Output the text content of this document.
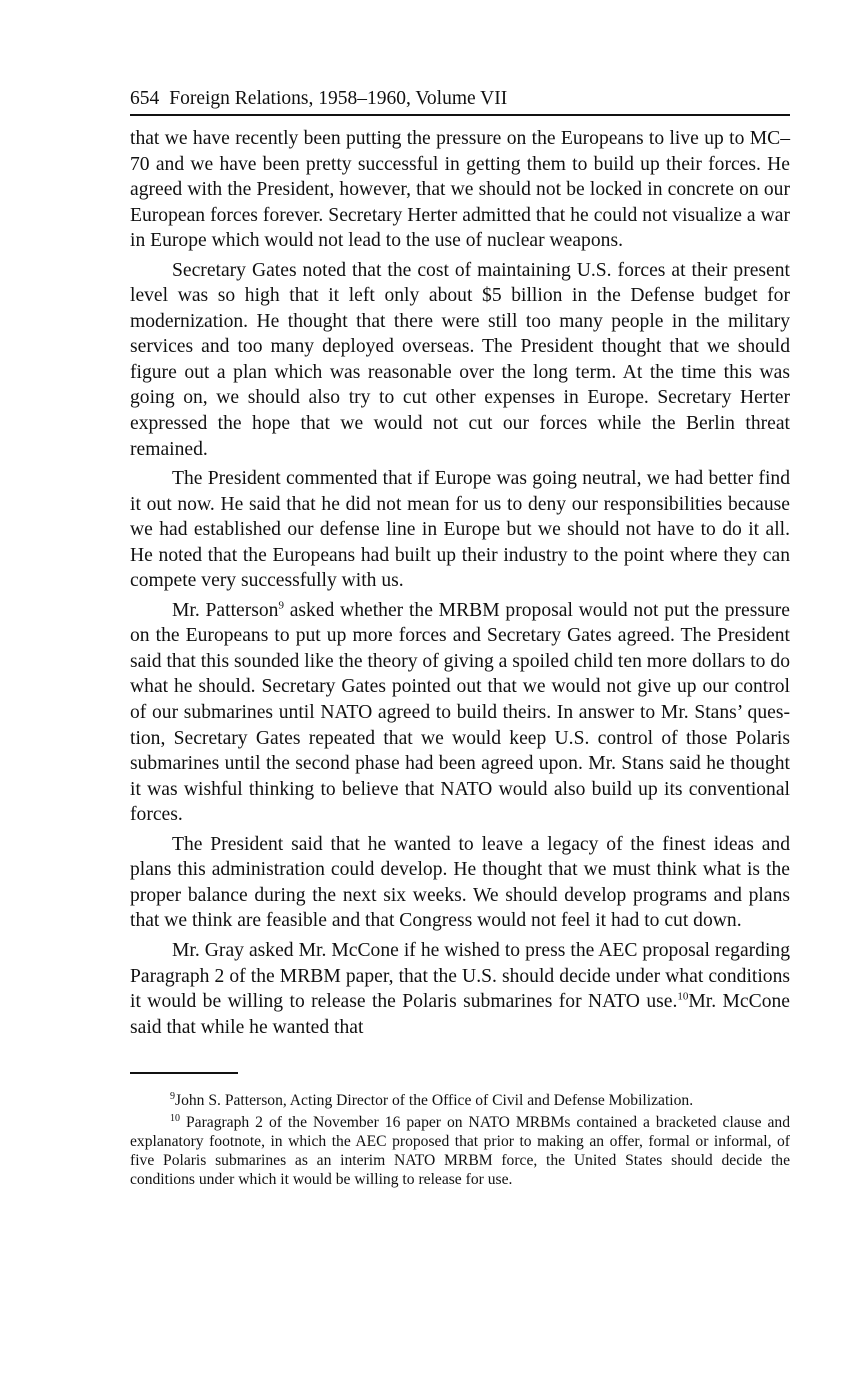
654 Foreign Relations, 1958–1960, Volume VII

that we have recently been putting the pressure on the Europeans to live up to MC–70 and we have been pretty successful in getting them to build up their forces. He agreed with the President, however, that we should not be locked in concrete on our European forces forever. Secretary Herter admitted that he could not visualize a war in Europe which would not lead to the use of nuclear weapons.

Secretary Gates noted that the cost of maintaining U.S. forces at their present level was so high that it left only about $5 billion in the Defense budget for modernization. He thought that there were still too many people in the military services and too many deployed overseas. The President thought that we should figure out a plan which was reasonable over the long term. At the time this was going on, we should also try to cut other expenses in Europe. Secretary Herter expressed the hope that we would not cut our forces while the Berlin threat remained.

The President commented that if Europe was going neutral, we had better find it out now. He said that he did not mean for us to deny our responsibilities because we had established our defense line in Europe but we should not have to do it all. He noted that the Europeans had built up their industry to the point where they can compete very successfully with us.

Mr. Patterson$^9$ asked whether the MRBM proposal would not put the pressure on the Europeans to put up more forces and Secretary Gates agreed. The President said that this sounded like the theory of giving a spoiled child ten more dollars to do what he should. Secretary Gates pointed out that we would not give up our control of our submarines until NATO agreed to build theirs. In answer to Mr. Stans’ question, Secretary Gates repeated that we would keep U.S. control of those Polaris submarines until the second phase had been agreed upon. Mr. Stans said he thought it was wishful thinking to believe that NATO would also build up its conventional forces.

The President said that he wanted to leave a legacy of the finest ideas and plans this administration could develop. He thought that we must think what is the proper balance during the next six weeks. We should develop programs and plans that we think are feasible and that Congress would not feel it had to cut down.

Mr. Gray asked Mr. McCone if he wished to press the AEC proposal regarding Paragraph 2 of the MRBM paper, that the U.S. should decide under what conditions it would be willing to release the Polaris submarines for NATO use.$^{10}$Mr. McCone said that while he wanted that

$^9$John S. Patterson, Acting Director of the Office of Civil and Defense Mobilization.

$^{10}$ Paragraph 2 of the November 16 paper on NATO MRBMs contained a bracketed clause and explanatory footnote, in which the AEC proposed that prior to making an offer, formal or informal, of five Polaris submarines as an interim NATO MRBM force, the United States should decide the conditions under which it would be willing to release for use.
